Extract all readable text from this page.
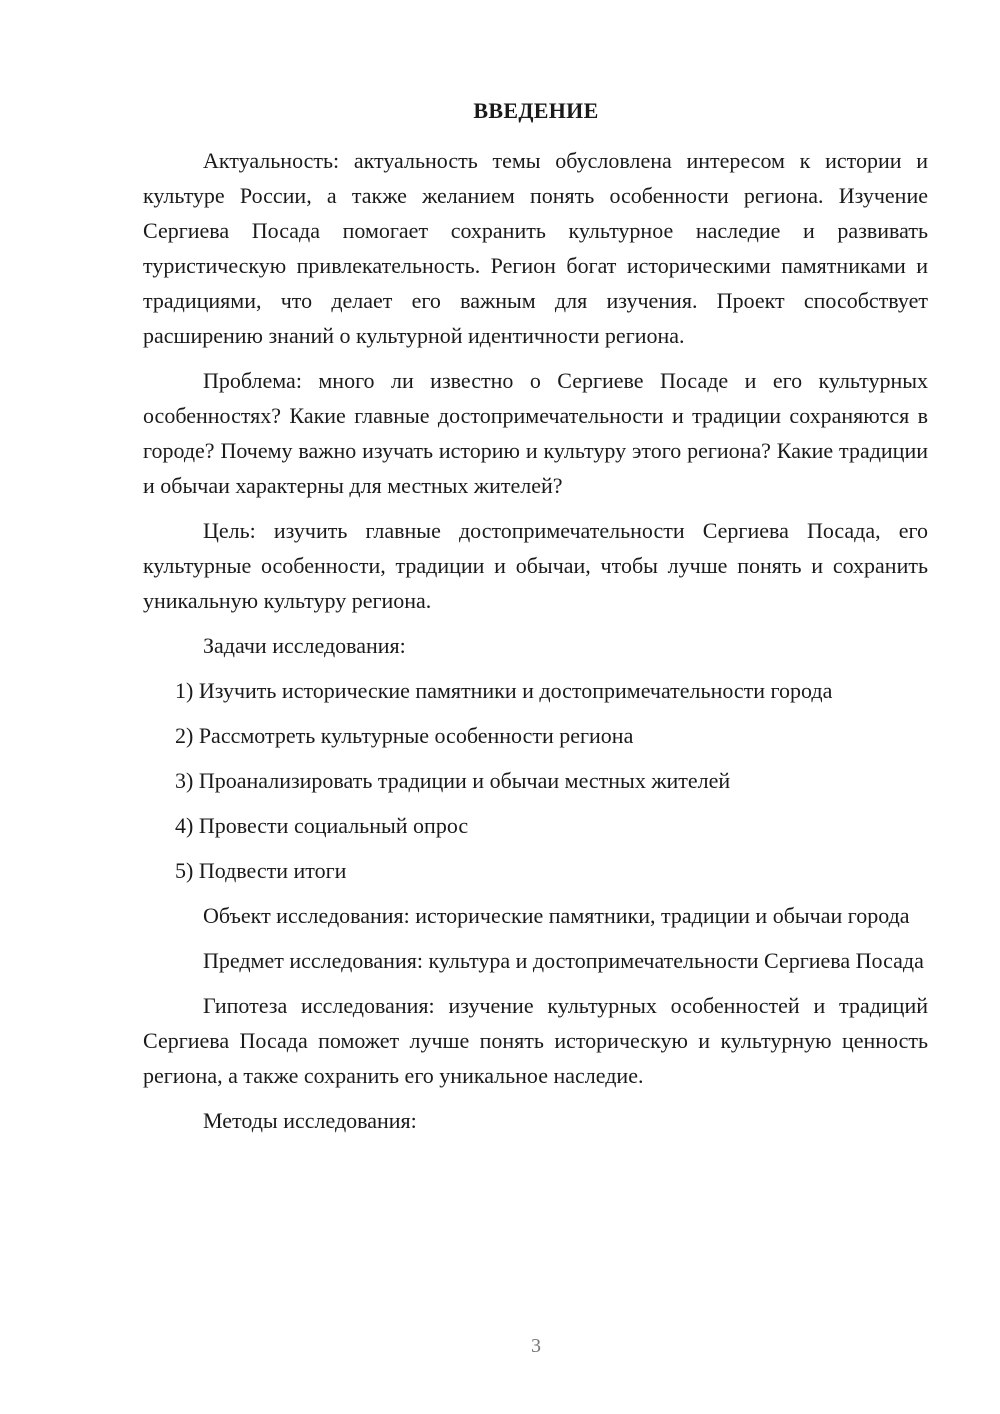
ВВЕДЕНИЕ

Актуальность: актуальность темы обусловлена интересом к истории и культуре России, а также желанием понять особенности региона. Изучение Сергиева Посада помогает сохранить культурное наследие и развивать туристическую привлекательность. Регион богат историческими памятниками и традициями, что делает его важным для изучения. Проект способствует расширению знаний о культурной идентичности региона.

Проблема: много ли известно о Сергиеве Посаде и его культурных особенностях? Какие главные достопримечательности и традиции сохраняются в городе? Почему важно изучать историю и культуру этого региона? Какие традиции и обычаи характерны для местных жителей?

Цель: изучить главные достопримечательности Сергиева Посада, его культурные особенности, традиции и обычаи, чтобы лучше понять и сохранить уникальную культуру региона.

Задачи исследования:

1) Изучить исторические памятники и достопримечательности города
2) Рассмотреть культурные особенности региона
3) Проанализировать традиции и обычаи местных жителей
4) Провести социальный опрос
5) Подвести итоги

Объект исследования: исторические памятники, традиции и обычаи города

Предмет исследования: культура и достопримечательности Сергиева Посада

Гипотеза исследования: изучение культурных особенностей и традиций Сергиева Посада поможет лучше понять историческую и культурную ценность региона, а также сохранить его уникальное наследие.

Методы исследования:

3
